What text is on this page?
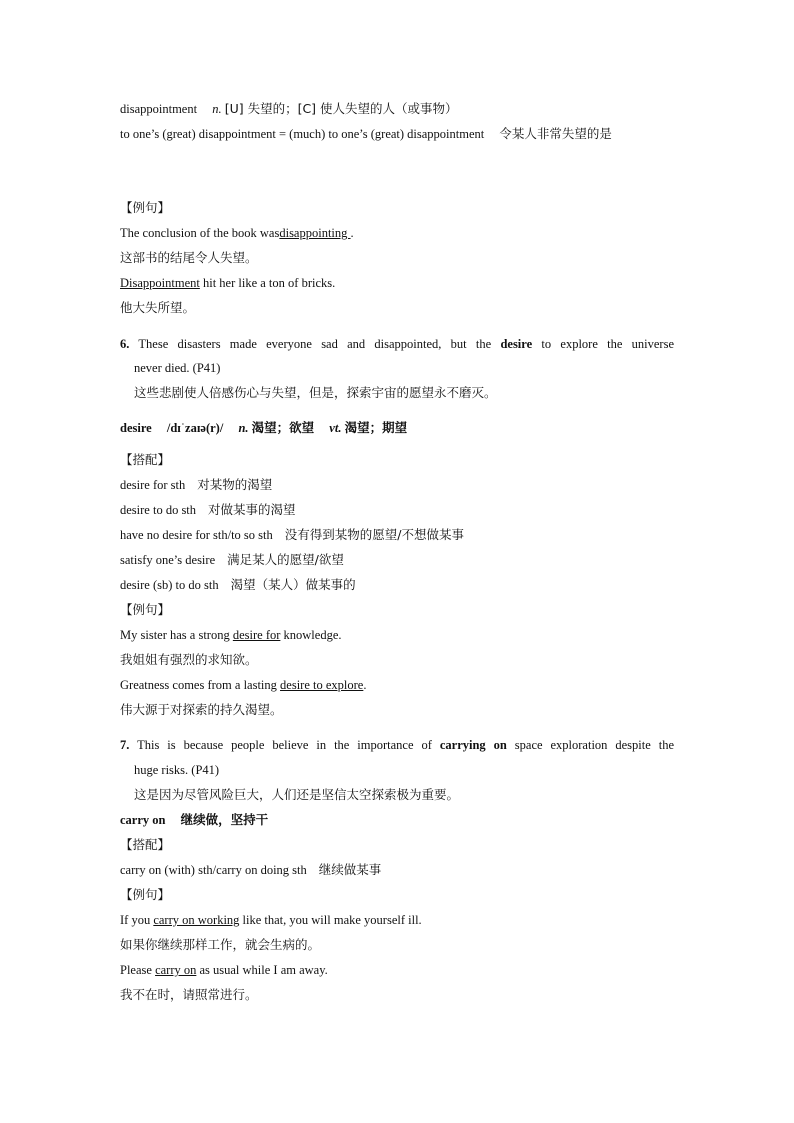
disappointment n. [U] 失望的；[C] 使人失望的人（或事物）
to one’s (great) disappointment = (much) to one’s (great) disappointment 令某人非常失望的是
【例句】
The conclusion of the book wasdisappointing .
这部书的结尾令人失望。
Disappointment hit her like a ton of bricks.
他大失所望。
6. These disasters made everyone sad and disappointed, but the desire to explore the universe
never died. (P41)
这些悲剧使人倍感伤心与失望，但是，探索宇宙的愿望永不磨灭。
desire /dɪˈzaɪə(r)/ n. 渴望；欲望 vt. 渴望；期望
【搭配】
desire for sth 对某物的渴望
desire to do sth 对做某事的渴望
have no desire for sth/to so sth 没有得到某物的愿望/不想做某事
satisfy one’s desire 满足某人的愿望/欲望
desire (sb) to do sth 渴望（某人）做某事的
【例句】
My sister has a strong desire for knowledge.
我姐姐有强烈的求知欲。
Greatness comes from a lasting desire to explore.
伟大源于对探索的持久渴望。
7. This is because people believe in the importance of carrying on space exploration despite the
huge risks. (P41)
这是因为尽管风险巨大，人们还是坚信太空探索极为重要。
carry on 继续做，坚持干
【搭配】
carry on (with) sth/carry on doing sth 继续做某事
【例句】
If you carry on working like that, you will make yourself ill.
如果你继续那样工作，就会生病的。
Please carry on as usual while I am away.
我不在时，请照常进行。
